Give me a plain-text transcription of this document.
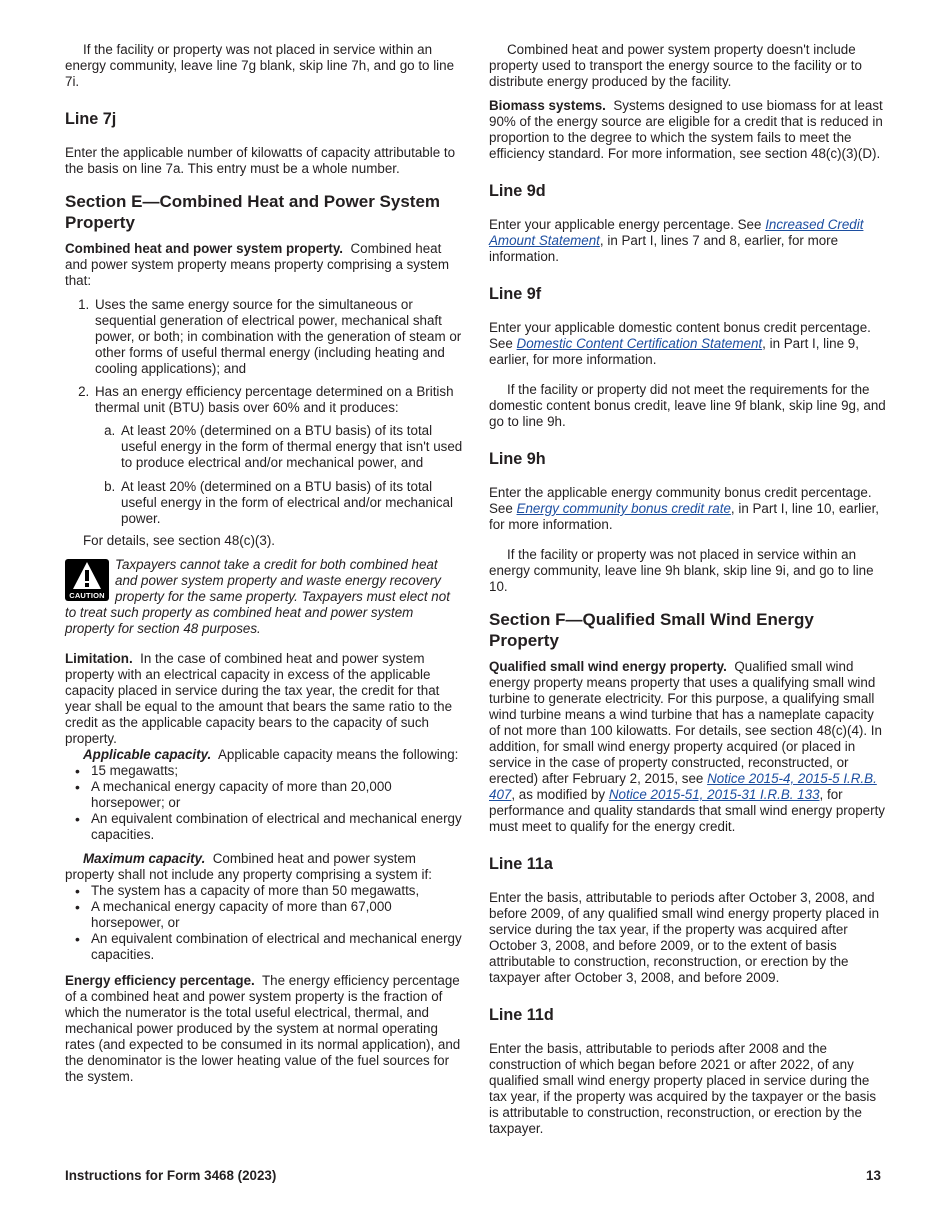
If the facility or property was not placed in service within an energy community, leave line 7g blank, skip line 7h, and go to line 7i.

Line 7j

Enter the applicable number of kilowatts of capacity attributable to the basis on line 7a. This entry must be a whole number.

Section E—Combined Heat and Power System Property

Combined heat and power system property. Combined heat and power system property means property comprising a system that:

1. Uses the same energy source for the simultaneous or sequential generation of electrical power, mechanical shaft power, or both; in combination with the generation of steam or other forms of useful thermal energy (including heating and cooling applications); and
2. Has an energy efficiency percentage determined on a British thermal unit (BTU) basis over 60% and it produces:
a. At least 20% (determined on a BTU basis) of its total useful energy in the form of thermal energy that isn't used to produce electrical and/or mechanical power, and
b. At least 20% (determined on a BTU basis) of its total useful energy in the form of electrical and/or mechanical power.

For details, see section 48(c)(3).

CAUTION
Taxpayers cannot take a credit for both combined heat and power system property and waste energy recovery property for the same property. Taxpayers must elect not to treat such property as combined heat and power system property for section 48 purposes.

Limitation. In the case of combined heat and power system property with an electrical capacity in excess of the applicable capacity placed in service during the tax year, the credit for that year shall be equal to the amount that bears the same ratio to the credit as the applicable capacity bears to the capacity of such property.

Applicable capacity. Applicable capacity means the following:

• 15 megawatts;
• A mechanical energy capacity of more than 20,000 horsepower; or
• An equivalent combination of electrical and mechanical energy capacities.

Maximum capacity. Combined heat and power system property shall not include any property comprising a system if:

• The system has a capacity of more than 50 megawatts,
• A mechanical energy capacity of more than 67,000 horsepower, or
• An equivalent combination of electrical and mechanical energy capacities.

Energy efficiency percentage. The energy efficiency percentage of a combined heat and power system property is the fraction of which the numerator is the total useful electrical, thermal, and mechanical power produced by the system at normal operating rates (and expected to be consumed in its normal application), and the denominator is the lower heating value of the fuel sources for the system.

Combined heat and power system property doesn't include property used to transport the energy source to the facility or to distribute energy produced by the facility.

Biomass systems. Systems designed to use biomass for at least 90% of the energy source are eligible for a credit that is reduced in proportion to the degree to which the system fails to meet the efficiency standard. For more information, see section 48(c)(3)(D).

Line 9d

Enter your applicable energy percentage. See Increased Credit Amount Statement, in Part I, lines 7 and 8, earlier, for more information.

Line 9f

Enter your applicable domestic content bonus credit percentage. See Domestic Content Certification Statement, in Part I, line 9, earlier, for more information.

If the facility or property did not meet the requirements for the domestic content bonus credit, leave line 9f blank, skip line 9g, and go to line 9h.

Line 9h

Enter the applicable energy community bonus credit percentage. See Energy community bonus credit rate, in Part I, line 10, earlier, for more information.

If the facility or property was not placed in service within an energy community, leave line 9h blank, skip line 9i, and go to line 10.

Section F—Qualified Small Wind Energy Property

Qualified small wind energy property. Qualified small wind energy property means property that uses a qualifying small wind turbine to generate electricity. For this purpose, a qualifying small wind turbine means a wind turbine that has a nameplate capacity of not more than 100 kilowatts. For details, see section 48(c)(4). In addition, for small wind energy property acquired (or placed in service in the case of property constructed, reconstructed, or erected) after February 2, 2015, see Notice 2015-4, 2015-5 I.R.B. 407, as modified by Notice 2015-51, 2015-31 I.R.B. 133, for performance and quality standards that small wind energy property must meet to qualify for the energy credit.

Line 11a

Enter the basis, attributable to periods after October 3, 2008, and before 2009, of any qualified small wind energy property placed in service during the tax year, if the property was acquired after October 3, 2008, and before 2009, or to the extent of basis attributable to construction, reconstruction, or erection by the taxpayer after October 3, 2008, and before 2009.

Line 11d

Enter the basis, attributable to periods after 2008 and the construction of which began before 2021 or after 2022, of any qualified small wind energy property placed in service during the tax year, if the property was acquired by the taxpayer or the basis is attributable to construction, reconstruction, or erection by the taxpayer.

Instructions for Form 3468 (2023)	13
